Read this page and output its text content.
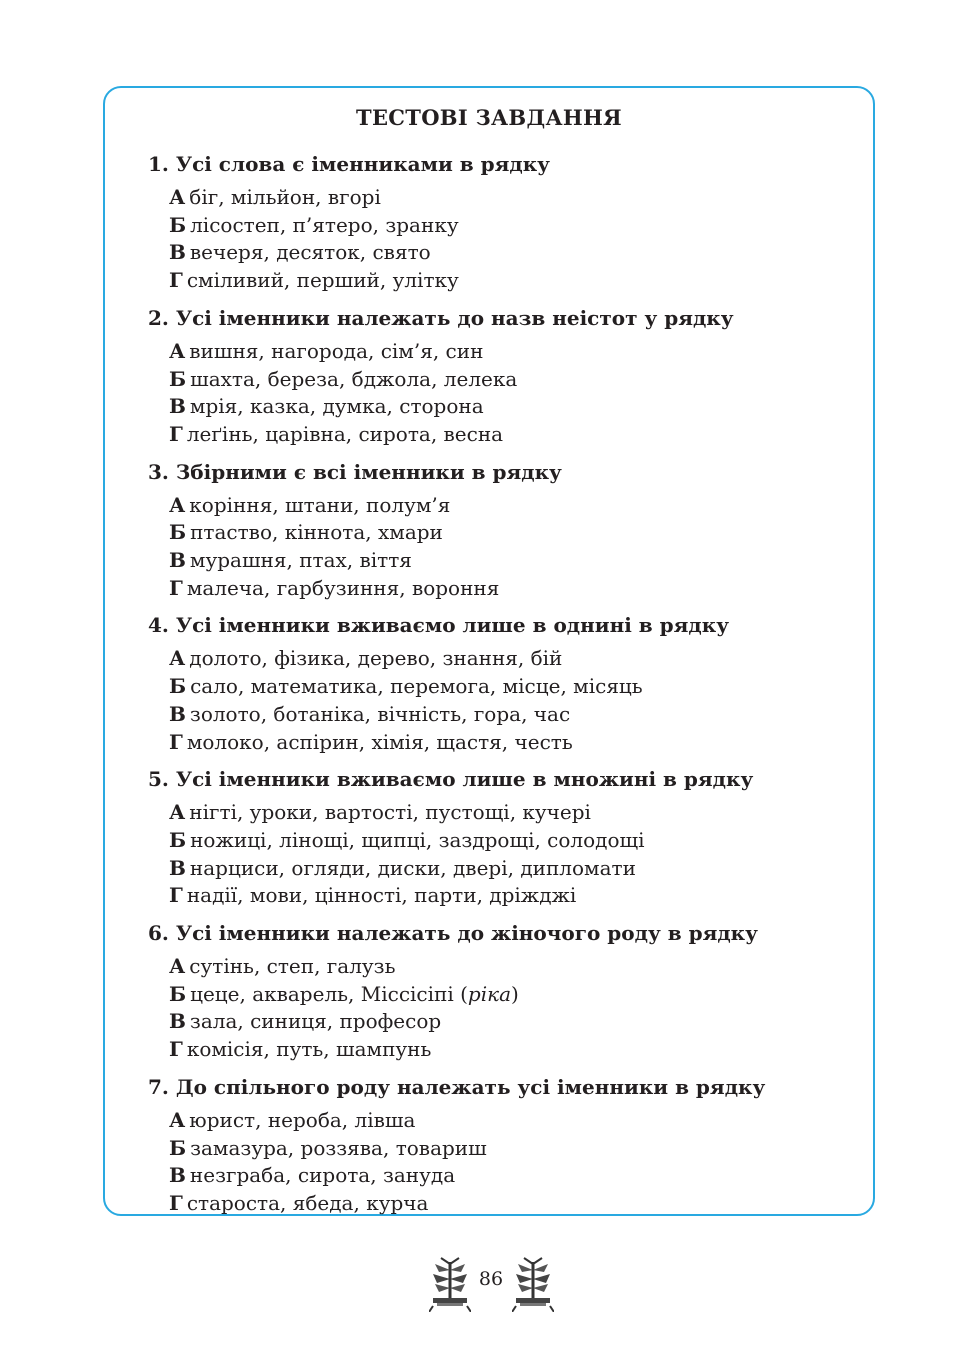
ТЕСТОВІ ЗАВДАННЯ
1. Усі слова є іменниками в рядку
А біг, мільйон, вгорі
Б лісостеп, п’ятеро, зранку
В вечеря, десяток, свято
Г сміливий, перший, улітку
2. Усі іменники належать до назв неістот у рядку
А вишня, нагорода, сім’я, син
Б шахта, береза, бджола, лелека
В мрія, казка, думка, сторона
Г леґінь, царівна, сирота, весна
3. Збірними є всі іменники в рядку
А коріння, штани, полум’я
Б птаство, кіннота, хмари
В мурашня, птах, віття
Г малеча, гарбузиння, вороння
4. Усі іменники вживаємо лише в однині в рядку
А долото, фізика, дерево, знання, бій
Б сало, математика, перемога, місце, місяць
В золото, ботаніка, вічність, гора, час
Г молоко, аспірин, хімія, щастя, честь
5. Усі іменники вживаємо лише в множині в рядку
А нігті, уроки, вартості, пустощі, кучері
Б ножиці, лінощі, щипці, заздрощі, солодощі
В нарциси, огляди, диски, двері, дипломати
Г надії, мови, цінності, парти, дріжджі
6. Усі іменники належать до жіночого роду в рядку
А сутінь, степ, галузь
Б цеце, акварель, Міссісіпі (ріка)
В зала, синиця, професор
Г комісія, путь, шампунь
7. До спільного роду належать усі іменники в рядку
А юрист, нероба, лівша
Б замазура, роззява, товариш
В незграба, сирота, зануда
Г староста, ябеда, курча
86
